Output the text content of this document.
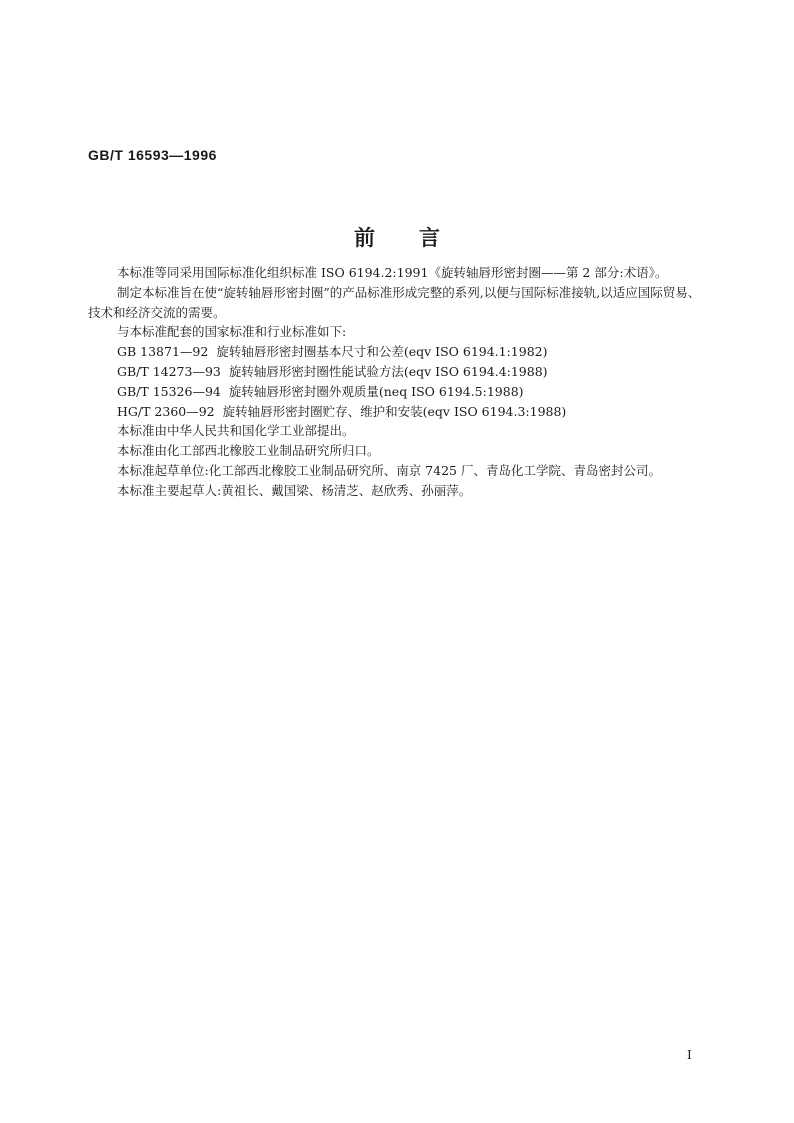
GB/T 16593—1996
前言

本标准等同采用国际标准化组织标准 ISO 6194.2:1991《旋转轴唇形密封圈——第 2 部分:术语》。

制定本标准旨在使“旋转轴唇形密封圈”的产品标准形成完整的系列,以便与国际标准接轨,以适应国际贸易、技术和经济交流的需要。

与本标准配套的国家标准和行业标准如下:

GB 13871—92 旋转轴唇形密封圈基本尺寸和公差(eqv ISO 6194.1:1982)

GB/T 14273—93 旋转轴唇形密封圈性能试验方法(eqv ISO 6194.4:1988)

GB/T 15326—94 旋转轴唇形密封圈外观质量(neq ISO 6194.5:1988)

HG/T 2360—92 旋转轴唇形密封圈贮存、维护和安装(eqv ISO 6194.3:1988)

本标准由中华人民共和国化学工业部提出。

本标准由化工部西北橡胶工业制品研究所归口。

本标准起草单位:化工部西北橡胶工业制品研究所、南京 7425 厂、青岛化工学院、青岛密封公司。

本标准主要起草人:黄祖长、戴国梁、杨清芝、赵欣秀、孙丽萍。

I
